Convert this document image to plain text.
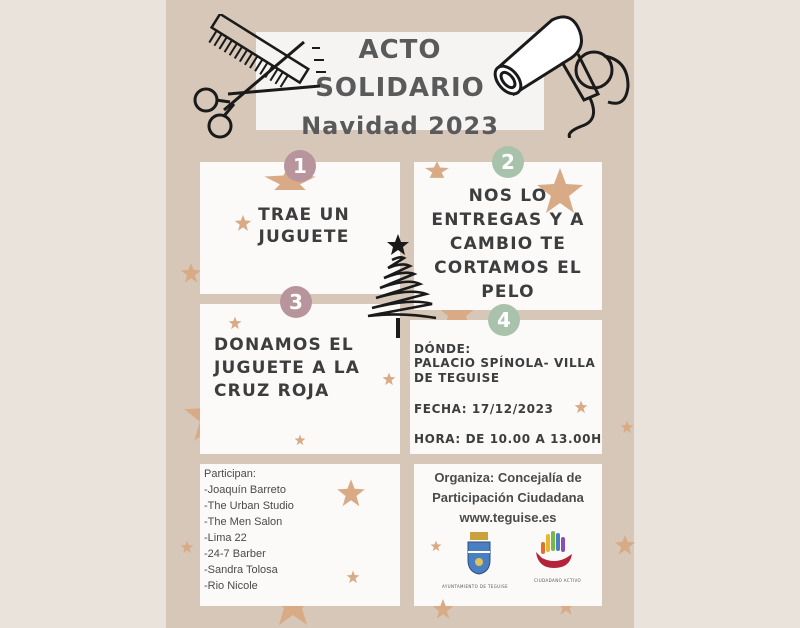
ACTO
SOLIDARIO
Navidad 2023
1
TRAE UN
JUGUETE
2
NOS LO
ENTREGAS Y A
CAMBIO TE
CORTAMOS EL
PELO
3
DONAMOS EL
JUGUETE A LA
CRUZ ROJA
4
DÓNDE:
PALACIO SPÍNOLA- VILLA DE TEGUISE
FECHA: 17/12/2023
HORA: DE 10.00 A 13.00H
Participan:
-Joaquín Barreto
-The Urban Studio
-The Men Salon
-Lima 22
-24-7 Barber
-Sandra Tolosa
-Rio Nicole
Organiza: Concejalía de
Participación Ciudadana
www.teguise.es
AYUNTAMIENTO DE TEGUISE
CIUDADANO ACTIVO
